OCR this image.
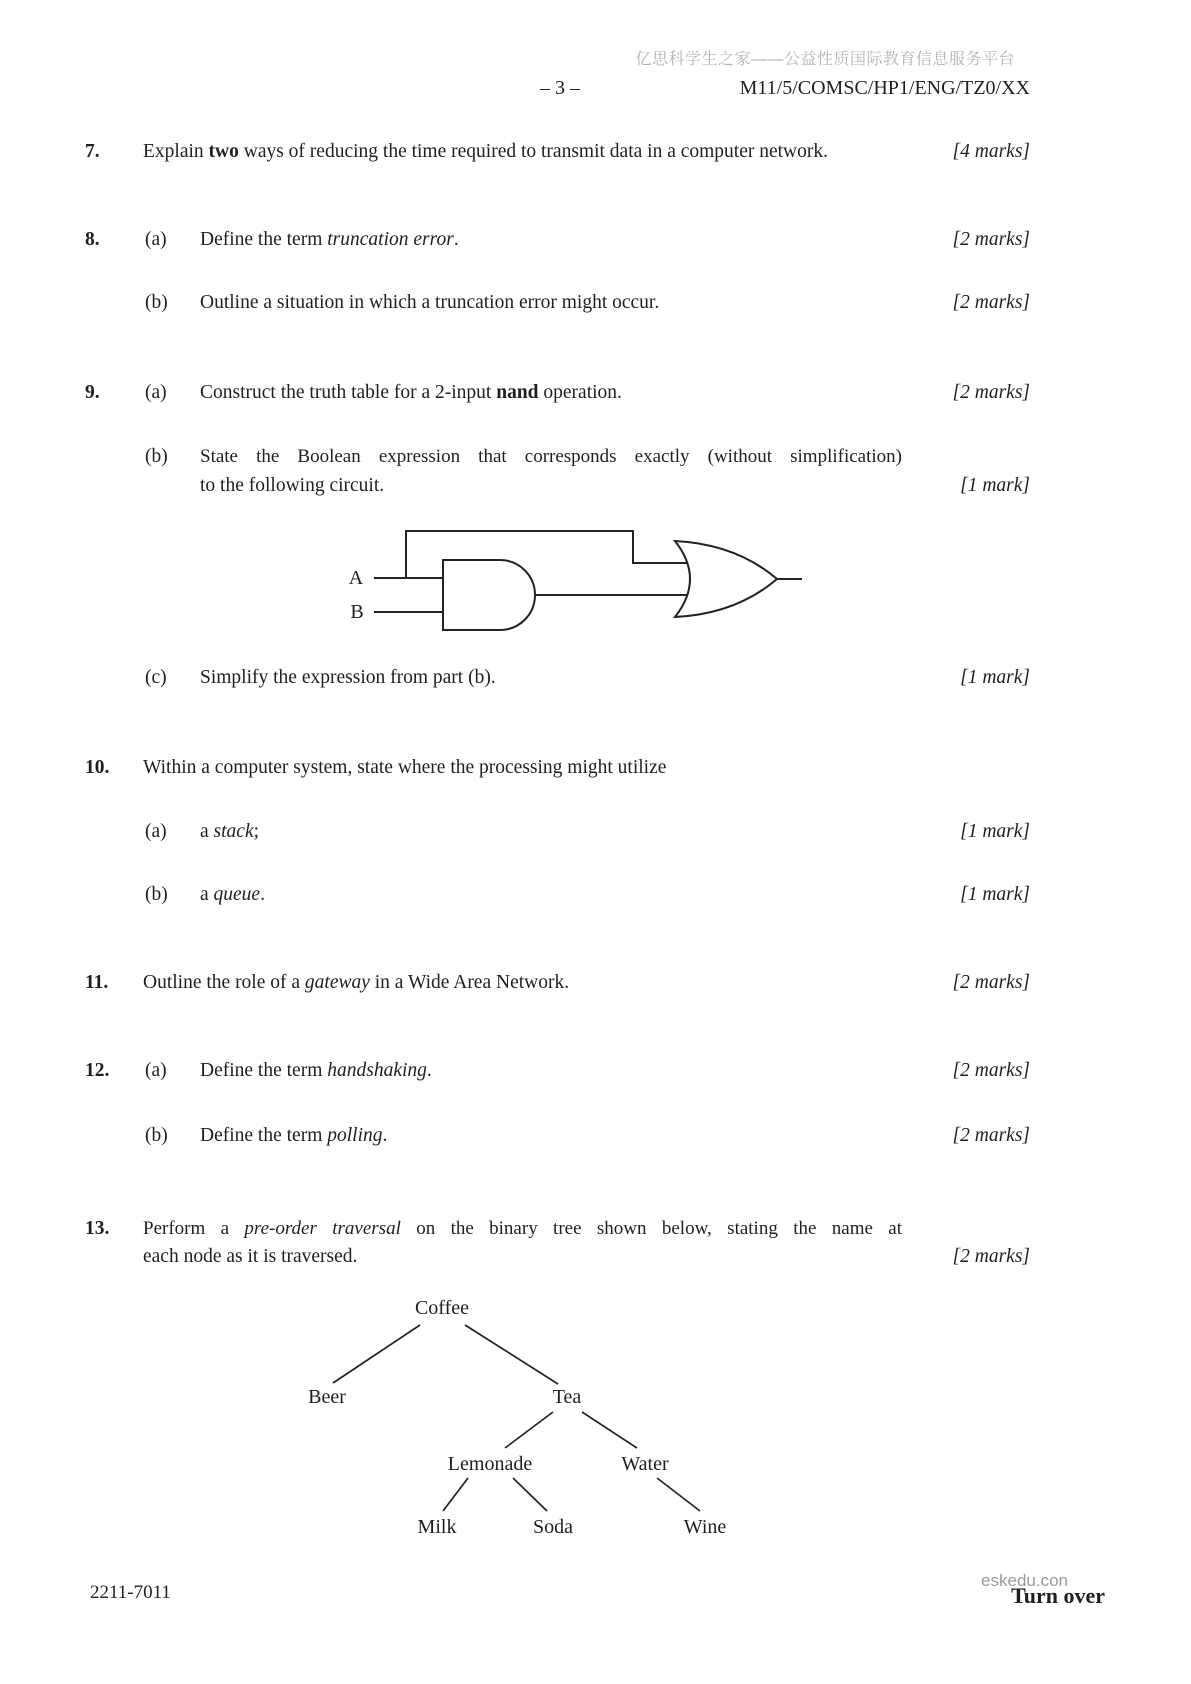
亿思科学生之家——公益性质国际教育信息服务平台
– 3 –	M11/5/COMSC/HP1/ENG/TZ0/XX
7. Explain two ways of reducing the time required to transmit data in a computer network.	[4 marks]
8. (a) Define the term truncation error.	[2 marks]
(b) Outline a situation in which a truncation error might occur.	[2 marks]
9. (a) Construct the truth table for a 2-input nand operation.	[2 marks]
(b) State the Boolean expression that corresponds exactly (without simplification)
to the following circuit.	[1 mark]
A
B
(c) Simplify the expression from part (b).	[1 mark]
10. Within a computer system, state where the processing might utilize
(a) a stack;	[1 mark]
(b) a queue.	[1 mark]
11. Outline the role of a gateway in a Wide Area Network.	[2 marks]
12. (a) Define the term handshaking.	[2 marks]
(b) Define the term polling.	[2 marks]
13. Perform a pre-order traversal on the binary tree shown below, stating the name at
each node as it is traversed.	[2 marks]
Coffee
Beer	Tea
Lemonade	Water
Milk	Soda	Wine
2211-7011
eskedu.con
Turn over
